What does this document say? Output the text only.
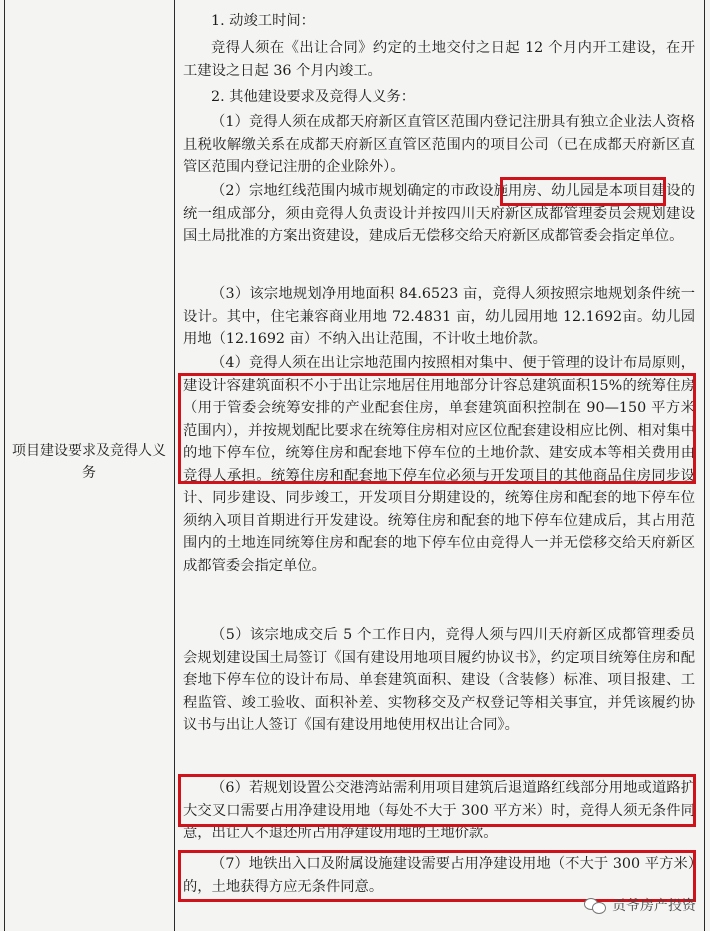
项目建设要求及竞得人义务
1. 动竣工时间：
竞得人须在《出让合同》约定的土地交付之日起 12 个月内开工建设，在开工建设之日起 36 个月内竣工。
2. 其他建设要求及竞得人义务：
（1）竞得人须在成都天府新区直管区范围内登记注册具有独立企业法人资格且税收解缴关系在成都天府新区直管区范围内的项目公司（已在成都天府新区直管区范围内登记注册的企业除外）。
（2）宗地红线范围内城市规划确定的市政设施用房、幼儿园是本项目建设的统一组成部分，须由竞得人负责设计并按四川天府新区成都管理委员会规划建设国土局批准的方案出资建设，建成后无偿移交给天府新区成都管委会指定单位。
（3）该宗地规划净用地面积 84.6523 亩，竞得人须按照宗地规划条件统一设计。其中，住宅兼容商业用地 72.4831 亩，幼儿园用地 12.1692亩。幼儿园用地（12.1692 亩）不纳入出让范围，不计收土地价款。
（4）竞得人须在出让宗地范围内按照相对集中、便于管理的设计布局原则，建设计容建筑面积不小于出让宗地居住用地部分计容总建筑面积15%的统筹住房（用于管委会统筹安排的产业配套住房，单套建筑面积控制在 90—150 平方米范围内），并按规划配比要求在统筹住房相对应区位配套建设相应比例、相对集中的地下停车位，统筹住房和配套地下停车位的土地价款、建安成本等相关费用由竞得人承担。统筹住房和配套地下停车位必须与开发项目的其他商品住房同步设计、同步建设、同步竣工，开发项目分期建设的，统筹住房和配套的地下停车位须纳入项目首期进行开发建设。统筹住房和配套的地下停车位建成后，其占用范围内的土地连同统筹住房和配套的地下停车位由竞得人一并无偿移交给天府新区成都管委会指定单位。
（5）该宗地成交后 5 个工作日内，竞得人须与四川天府新区成都管理委员会规划建设国土局签订《国有建设用地项目履约协议书》，约定项目统筹住房和配套地下停车位的设计布局、单套建筑面积、建设（含装修）标准、项目报建、工程监管、竣工验收、面积补差、实物移交及产权登记等相关事宜，并凭该履约协议书与出让人签订《国有建设用地使用权出让合同》。
（6）若规划设置公交港湾站需利用项目建筑后退道路红线部分用地或道路扩大交叉口需要占用净建设用地（每处不大于 300 平方米）时，竞得人须无条件同意，出让人不退还所占用净建设用地的土地价款。
（7）地铁出入口及附属设施建设需要占用净建设用地（不大于 300 平方米）的，土地获得方应无条件同意。
贡爷房产投资
